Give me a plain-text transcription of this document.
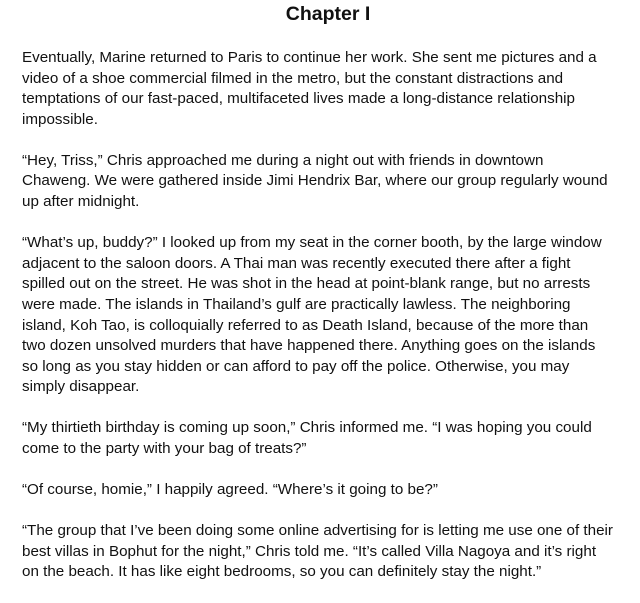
Chapter I

Eventually, Marine returned to Paris to continue her work. She sent me pictures and a
video of a shoe commercial filmed in the metro, but the constant distractions and
temptations of our fast-paced, multifaceted lives made a long-distance relationship
impossible.

“Hey, Triss,” Chris approached me during a night out with friends in downtown
Chaweng. We were gathered inside Jimi Hendrix Bar, where our group regularly wound
up after midnight.

“What’s up, buddy?” I looked up from my seat in the corner booth, by the large window
adjacent to the saloon doors. A Thai man was recently executed there after a fight
spilled out on the street. He was shot in the head at point-blank range, but no arrests
were made. The islands in Thailand’s gulf are practically lawless. The neighboring
island, Koh Tao, is colloquially referred to as Death Island, because of the more than
two dozen unsolved murders that have happened there. Anything goes on the islands
so long as you stay hidden or can afford to pay off the police. Otherwise, you may
simply disappear.

“My thirtieth birthday is coming up soon,” Chris informed me. “I was hoping you could
come to the party with your bag of treats?”

“Of course, homie,” I happily agreed. “Where’s it going to be?”

“The group that I’ve been doing some online advertising for is letting me use one of their
best villas in Bophut for the night,” Chris told me. “It’s called Villa Nagoya and it’s right
on the beach. It has like eight bedrooms, so you can definitely stay the night.”
